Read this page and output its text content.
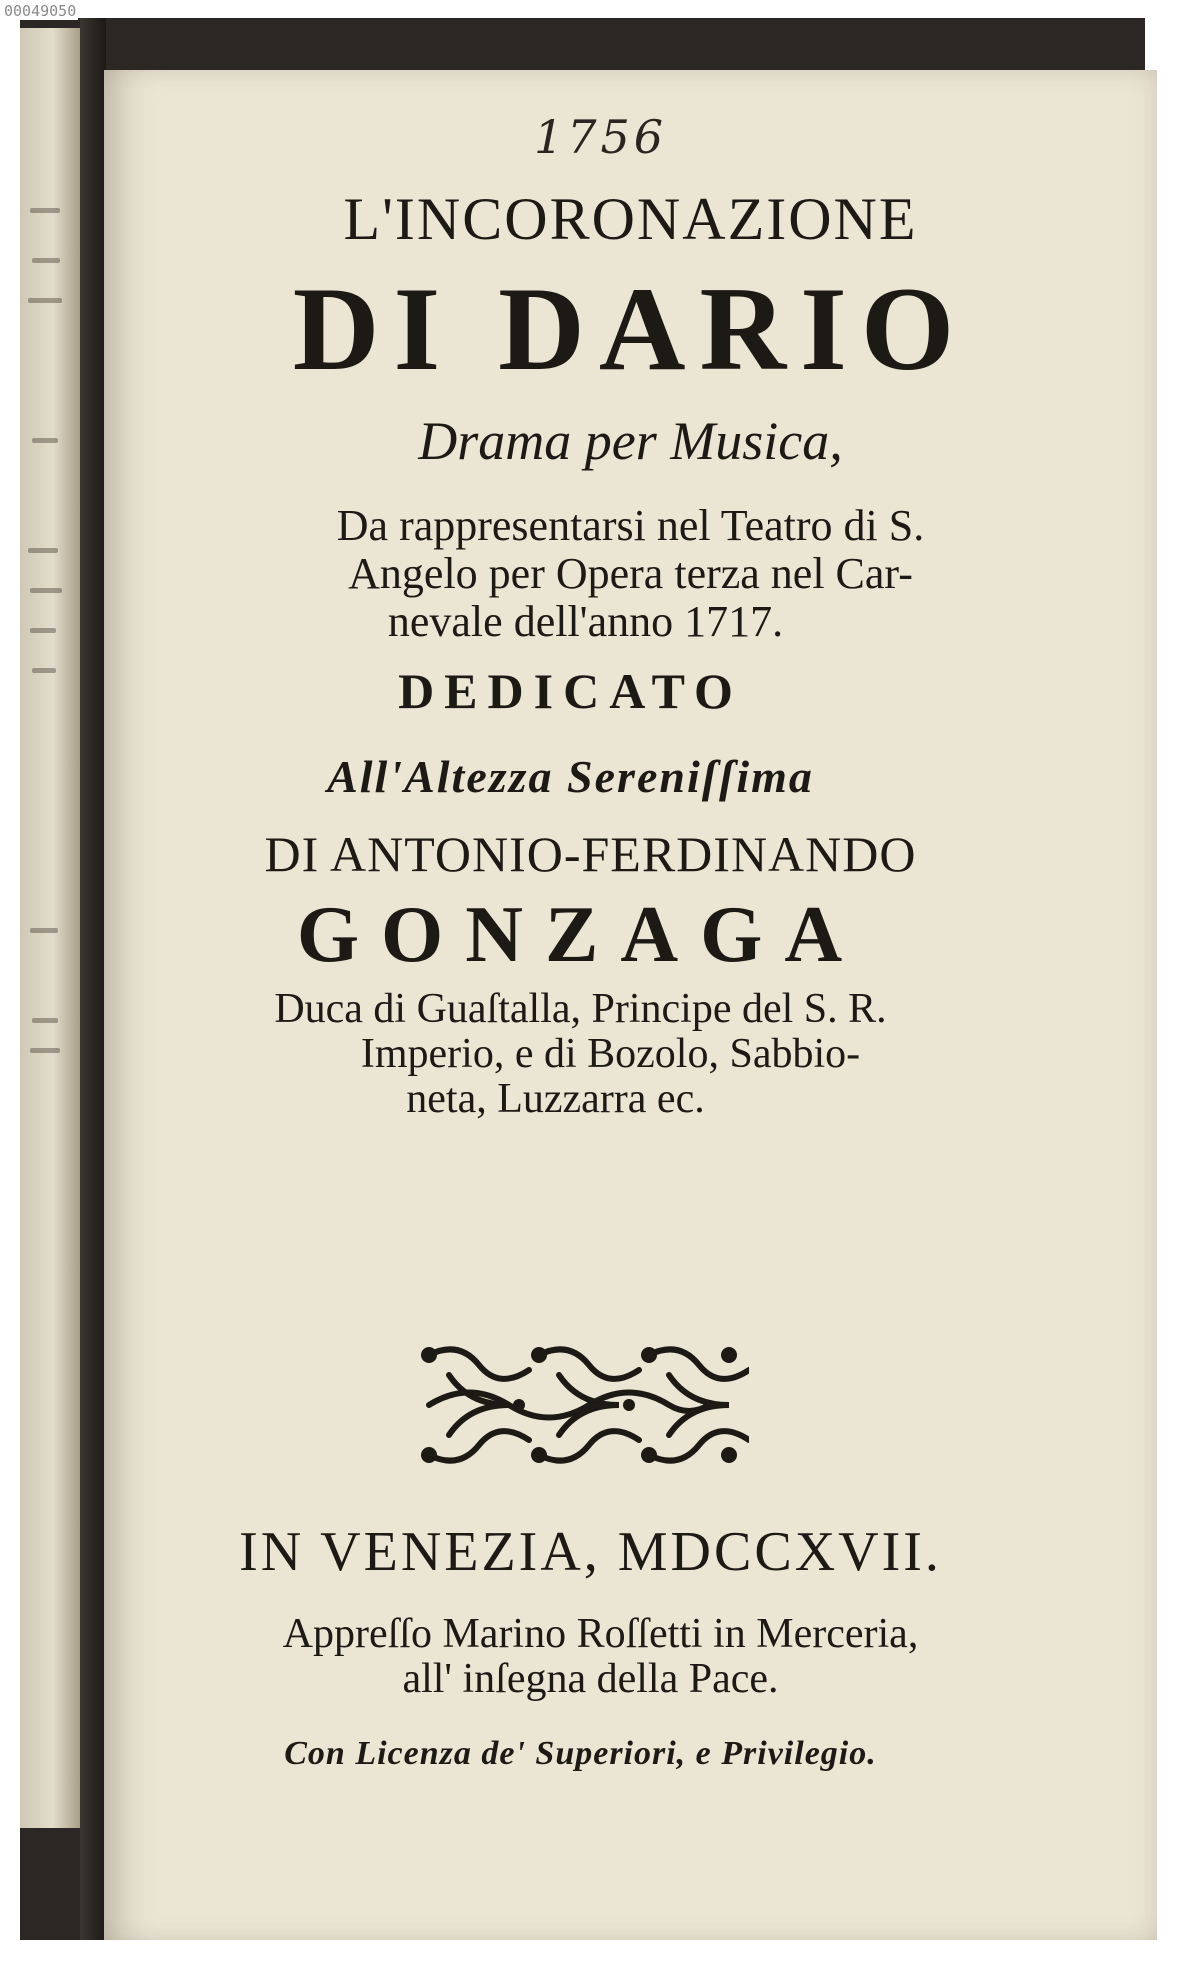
1756

L'INCORONAZIONE

DI DARIO

Drama per Musica,

Da rappresentarsi nel Teatro di S.

Angelo per Opera terza nel Car-

nevale dell'anno 1717.

DEDICATO

All'Altezza Sereniſſima

DI ANTONIO-FERDINANDO

GONZAGA

Duca di Guaſtalla, Principe del S. R.

Imperio, e di Bozolo, Sabbio-

neta, Luzzarra ec.

IN VENEZIA, MDCCXVII.

Appreſſo Marino Roſſetti in Merceria,

all' inſegna della Pace.

Con Licenza de' Superiori, e Privilegio.

00049050
